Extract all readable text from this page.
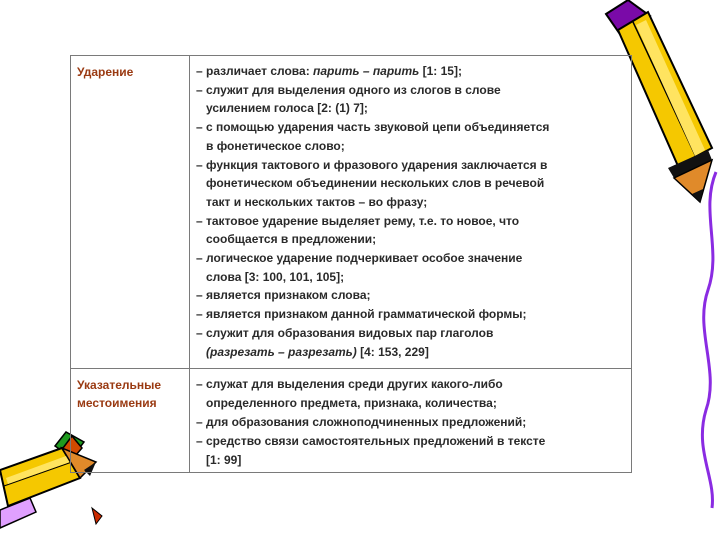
Ударение	– различает слова: парить – парить [1: 15];
– служит для выделения одного из слогов в слове
усилением голоса [2: (1) 7];
– с помощью ударения часть звуковой цепи объединяется
в фонетическое слово;
– функция тактового и фразового ударения заключается в
фонетическом объединении нескольких слов в речевой
такт и нескольких тактов – во фразу;
– тактовое ударение выделяет рему, т.е. то новое, что
сообщается в предложении;
– логическое ударение подчеркивает особое значение
слова [3: 100, 101, 105];
– является признаком слова;
– является признаком данной грамматической формы;
– служит для образования видовых пар глаголов
(разрезать – разрезать) [4: 153, 229]
Указательные
местоимения
– служат для выделения среди других какого-либо
определенного предмета, признака, количества;
– для образования сложноподчиненных предложений;
– средство связи самостоятельных предложений в тексте
[1: 99]
